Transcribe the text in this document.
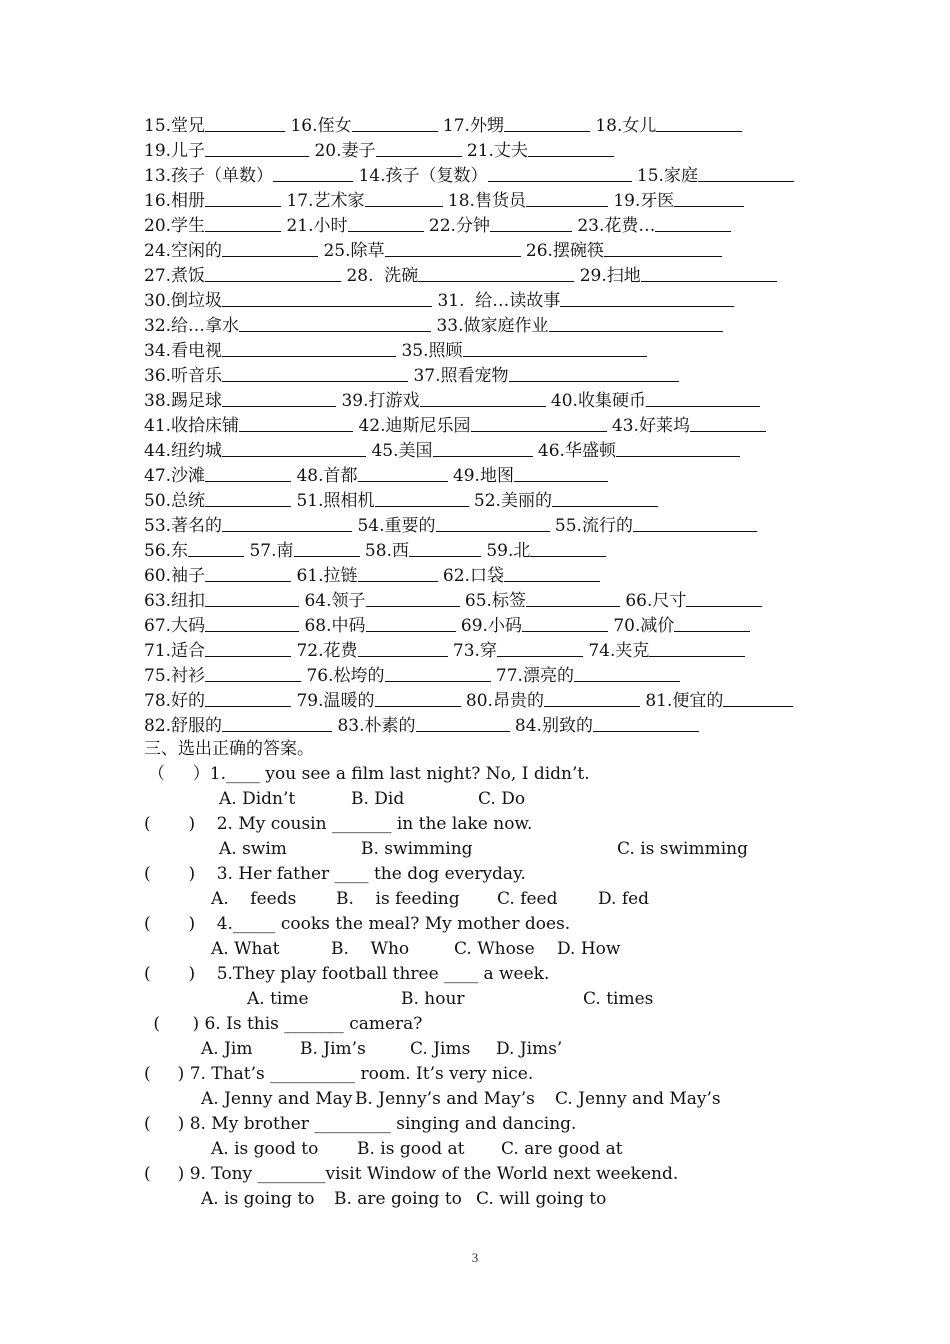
15.堂兄	16.侄女	17.外甥	18.女儿
19.儿子	20.妻子	21.丈夫
13.孩子（单数）	14.孩子（复数）	15.家庭
16.相册	17.艺术家	18.售货员	19.牙医
20.学生	21.小时	22.分钟	23.花费…
24.空闲的	25.除草	26.摆碗筷
27.煮饭	28.  洗碗	29.扫地
30.倒垃圾	31.  给…读故事
32.给…拿水	33.做家庭作业
34.看电视	35.照顾
36.听音乐	37.照看宠物
38.踢足球	39.打游戏	40.收集硬币
41.收拾床铺	42.迪斯尼乐园	43.好莱坞
44.纽约城	45.美国	46.华盛顿
47.沙滩	48.首都	49.地图
50.总统	51.照相机	52.美丽的
53.著名的	54.重要的	55.流行的
56.东	57.南	58.西	59.北
60.袖子	61.拉链	62.口袋
63.纽扣	64.领子	65.标签	66.尺寸
67.大码	68.中码	69.小码	70.减价
71.适合	72.花费	73.穿	74.夹克
75.衬衫	76.松垮的	77.漂亮的
78.好的	79.温暖的	80.昂贵的	81.便宜的
82.舒服的	83.朴素的	84.别致的

三、选出正确的答案。

（　  ）1.____ you see a film last night? No, I didn’t.
A. Didn’t	B. Did	C. Do
(       )    2. My cousin _______ in the lake now.
A. swim	B. swimming	C. is swimming
(       )    3. Her father ____ the dog everyday.
A.    feeds B.    is feeding C. feed D. fed
(       )    4._____ cooks the meal? My mother does.
A. What	B.    Who	C. Whose D. How
(       )    5.They play football three ____ a week.
A. time	B. hour	C. times
(      ) 6. Is this _______ camera?
A. Jim	B. Jim’s	C. Jims D. Jims’
(     ) 7. That’s __________ room. It’s very nice.
A. Jenny and May B. Jenny’s and May’s C. Jenny and May’s
(     ) 8. My brother _________ singing and dancing.
A. is good to B. is good at C. are good at
(     ) 9. Tony ________visit Window of the World next weekend.
A. is going to B. are going to C. will going to
3
